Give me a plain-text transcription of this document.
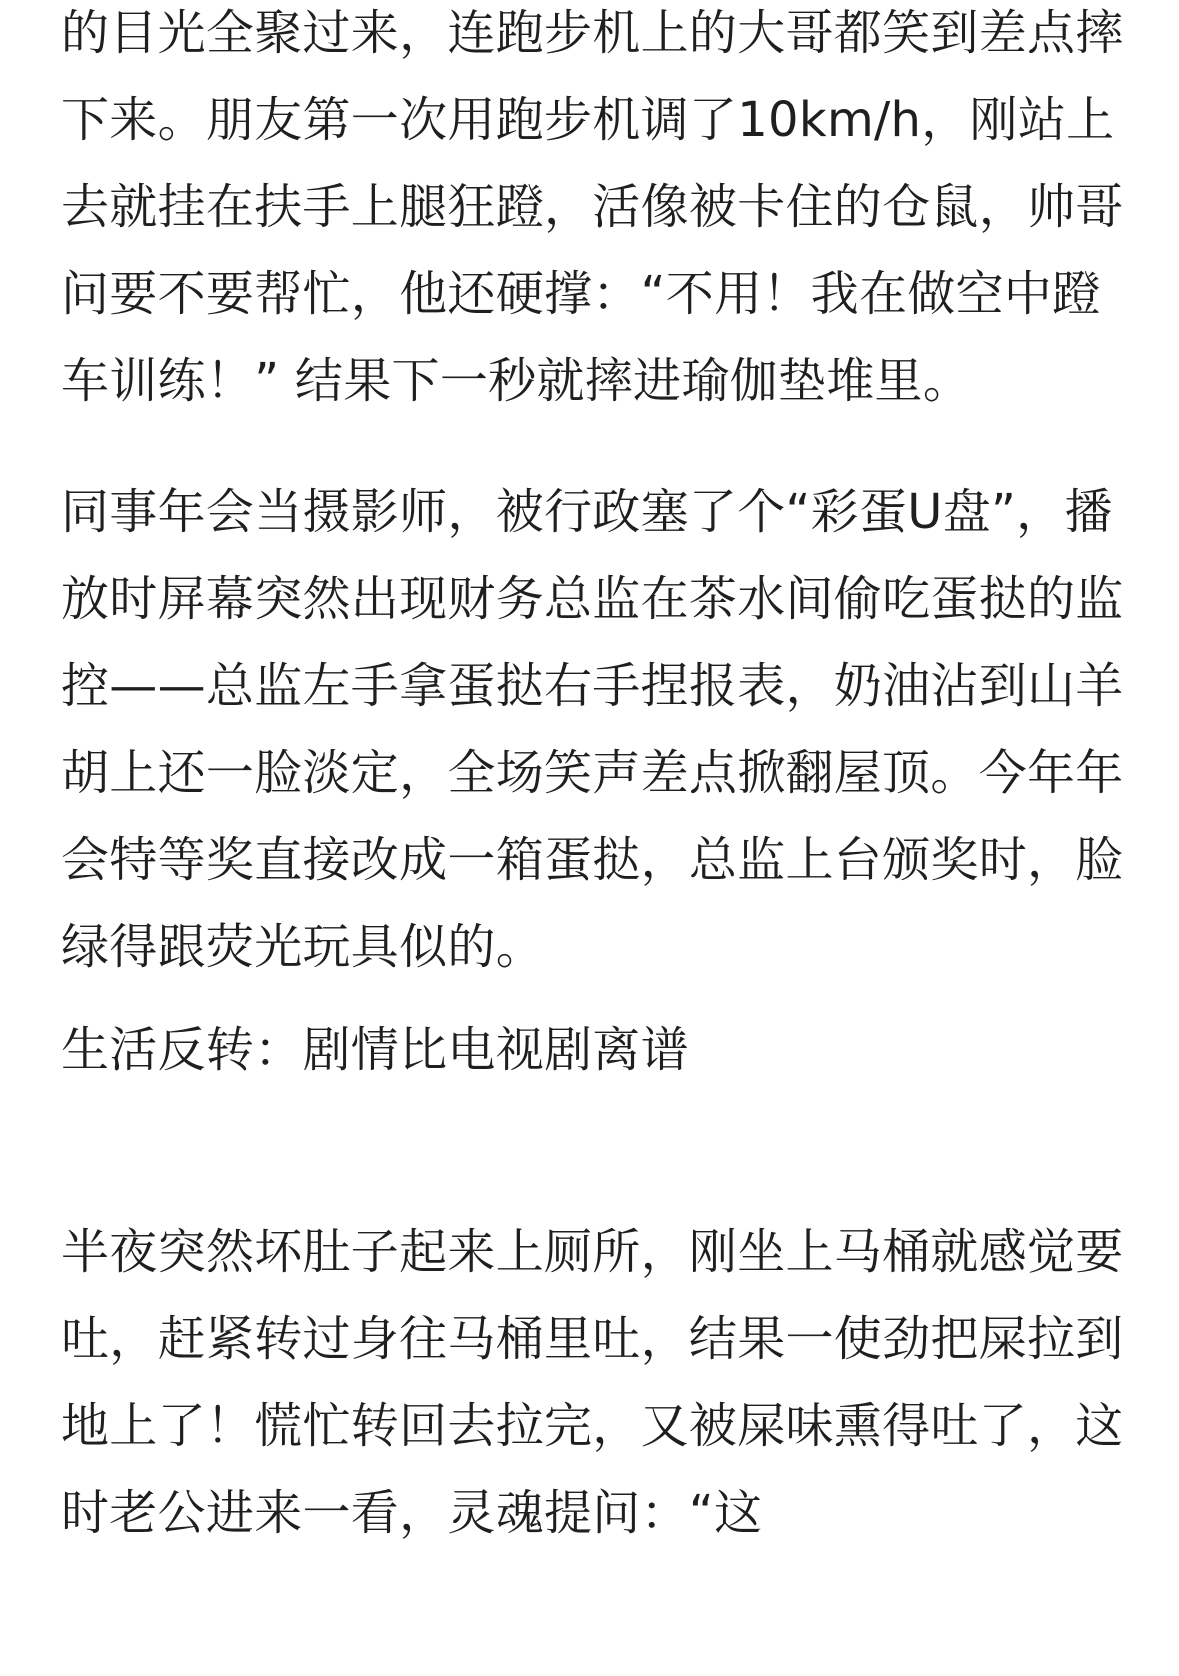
的目光全聚过来，连跑步机上的大哥都笑到差点摔下来。朋友第一次用跑步机调了10km/h，刚站上去就挂在扶手上腿狂蹬，活像被卡住的仓鼠，帅哥问要不要帮忙，他还硬撑：“不用！我在做空中蹬车训练！” 结果下一秒就摔进瑜伽垫堆里。

同事年会当摄影师，被行政塞了个“彩蛋U盘”，播放时屏幕突然出现财务总监在茶水间偷吃蛋挞的监控——总监左手拿蛋挞右手捏报表，奶油沾到山羊胡上还一脸淡定，全场笑声差点掀翻屋顶。今年年会特等奖直接改成一箱蛋挞，总监上台颁奖时，脸绿得跟荧光玩具似的。

生活反转：剧情比电视剧离谱

半夜突然坏肚子起来上厕所，刚坐上马桶就感觉要吐，赶紧转过身往马桶里吐，结果一使劲把屎拉到地上了！慌忙转回去拉完，又被屎味熏得吐了，这时老公进来一看，灵魂提问：“这
